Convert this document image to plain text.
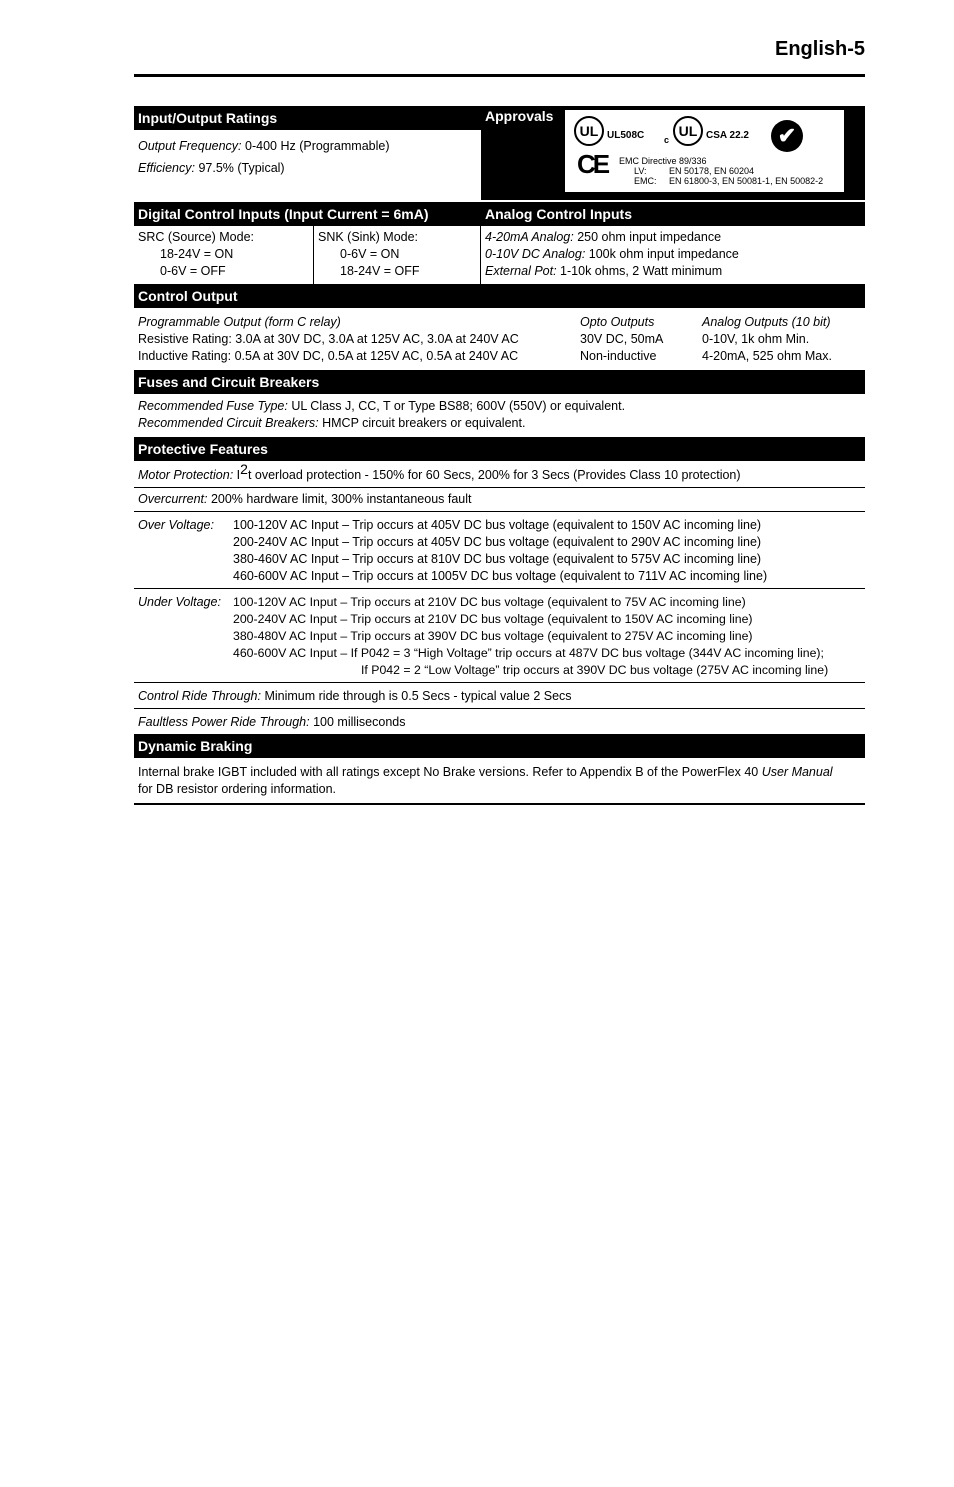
English-5
Input/Output Ratings
Output Frequency: 0-400 Hz (Programmable)
Efficiency: 97.5% (Typical)
Approvals
UL UL508C c
UL CSA 22.2	✔
CE EMC Directive 89/336
LV: EN 50178, EN 60204
EMC: EN 61800-3, EN 50081-1, EN 50082-2
Digital Control Inputs (Input Current = 6mA)
SRC (Source) Mode:
18-24V = ON
0-6V = OFF
SNK (Sink) Mode:
0-6V = ON
18-24V = OFF
Analog Control Inputs
4-20mA Analog: 250 ohm input impedance
0-10V DC Analog: 100k ohm input impedance
External Pot: 1-10k ohms, 2 Watt minimum
Control Output
Programmable Output (form C relay)
Resistive Rating: 3.0A at 30V DC, 3.0A at 125V AC, 3.0A at 240V AC
Inductive Rating: 0.5A at 30V DC, 0.5A at 125V AC, 0.5A at 240V AC
Opto Outputs
30V DC, 50mA
Non-inductive
Analog Outputs (10 bit)
0-10V, 1k ohm Min.
4-20mA, 525 ohm Max.
Fuses and Circuit Breakers
Recommended Fuse Type: UL Class J, CC, T or Type BS88; 600V (550V) or equivalent.
Recommended Circuit Breakers: HMCP circuit breakers or equivalent.
Protective Features
Motor Protection: $I^2t$ overload protection - 150% for 60 Secs, 200% for 3 Secs (Provides Class 10 protection)
Overcurrent: 200% hardware limit, 300% instantaneous fault
Over Voltage:	100-120V AC Input – Trip occurs at 405V DC bus voltage (equivalent to 150V AC incoming line)
200-240V AC Input – Trip occurs at 405V DC bus voltage (equivalent to 290V AC incoming line)
380-460V AC Input – Trip occurs at 810V DC bus voltage (equivalent to 575V AC incoming line)
460-600V AC Input – Trip occurs at 1005V DC bus voltage (equivalent to 711V AC incoming line)
Under Voltage: 100-120V AC Input – Trip occurs at 210V DC bus voltage (equivalent to 75V AC incoming line)
200-240V AC Input – Trip occurs at 210V DC bus voltage (equivalent to 150V AC incoming line)
380-480V AC Input – Trip occurs at 390V DC bus voltage (equivalent to 275V AC incoming line)
460-600V AC Input – If P042 = 3 “High Voltage” trip occurs at 487V DC bus voltage (344V AC incoming line);
If P042 = 2 “Low Voltage” trip occurs at 390V DC bus voltage (275V AC incoming line)
Control Ride Through: Minimum ride through is 0.5 Secs - typical value 2 Secs
Faultless Power Ride Through: 100 milliseconds
Dynamic Braking
Internal brake IGBT included with all ratings except No Brake versions. Refer to Appendix B of the PowerFlex 40 User Manual
for DB resistor ordering information.
